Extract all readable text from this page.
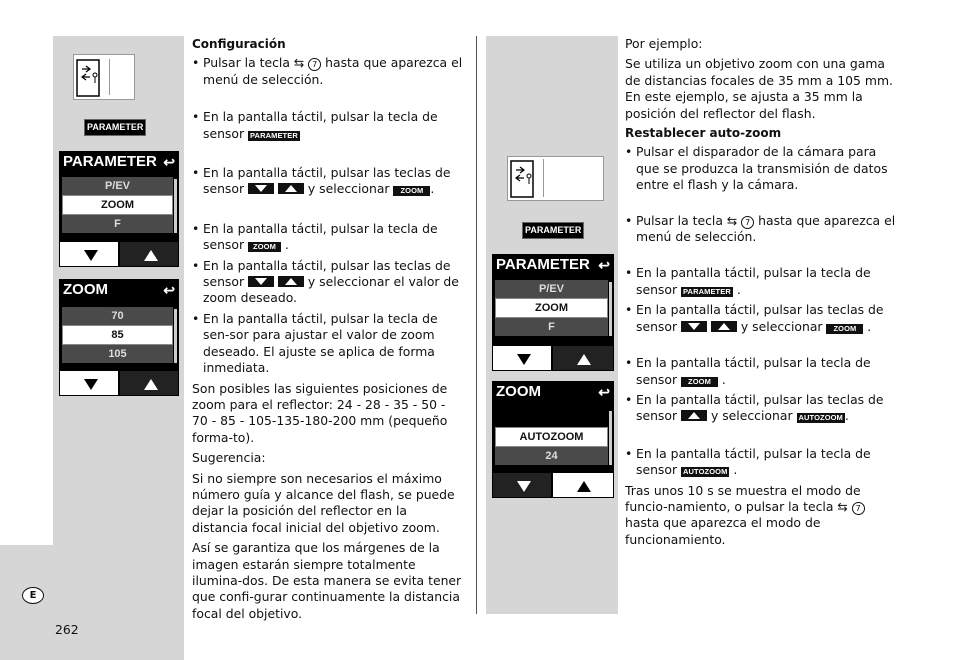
PARAMETER
PARAMETER ↩
P/EV
ZOOM
F
ZOOM	↩
70
85
105
E
262

Configuración

• Pulsar la tecla ⇆ 7 hasta que aparezca el menú de selección.

• En la pantalla táctil, pulsar la tecla de sensor PARAMETER

• En la pantalla táctil, pulsar las teclas de sensor	y seleccionar ZOOM .

• En la pantalla táctil, pulsar la tecla de sensor ZOOM .

• En la pantalla táctil, pulsar las teclas de sensor	y seleccionar el valor de zoom deseado.

• En la pantalla táctil, pulsar la tecla de sen-sor para ajustar el valor de zoom deseado. El ajuste se aplica de forma inmediata.

Son posibles las siguientes posiciones de zoom para el reflector: 24 - 28 - 35 - 50 - 70 - 85 - 105-135-180-200 mm (pequeño forma-to).

Sugerencia:

Si no siempre son necesarios el máximo número guía y alcance del flash, se puede dejar la posición del reflector en la distancia focal inicial del objetivo zoom.

Así se garantiza que los márgenes de la imagen estarán siempre totalmente ilumina-dos. De esta manera se evita tener que confi-gurar continuamente la distancia focal del objetivo.

PARAMETER
PARAMETER ↩
P/EV
ZOOM
F
ZOOM	↩
AUTOZOOM
24

Por ejemplo:

Se utiliza un objetivo zoom con una gama de distancias focales de 35 mm a 105 mm. En este ejemplo, se ajusta a 35 mm la posición del reflector del flash.

Restablecer auto-zoom

• Pulsar el disparador de la cámara para que se produzca la transmisión de datos entre el flash y la cámara.

• Pulsar la tecla ⇆ 7 hasta que aparezca el menú de selección.

• En la pantalla táctil, pulsar la tecla de sensor PARAMETER .

• En la pantalla táctil, pulsar las teclas de sensor	y seleccionar ZOOM .

• En la pantalla táctil, pulsar la tecla de sensor ZOOM .

• En la pantalla táctil, pulsar las teclas de sensor  y seleccionar AUTOZOOM .

• En la pantalla táctil, pulsar la tecla de sensor AUTOZOOM .

Tras unos 10 s se muestra el modo de funcio-namiento, o pulsar la tecla ⇆ 7 hasta que aparezca el modo de funcionamiento.
